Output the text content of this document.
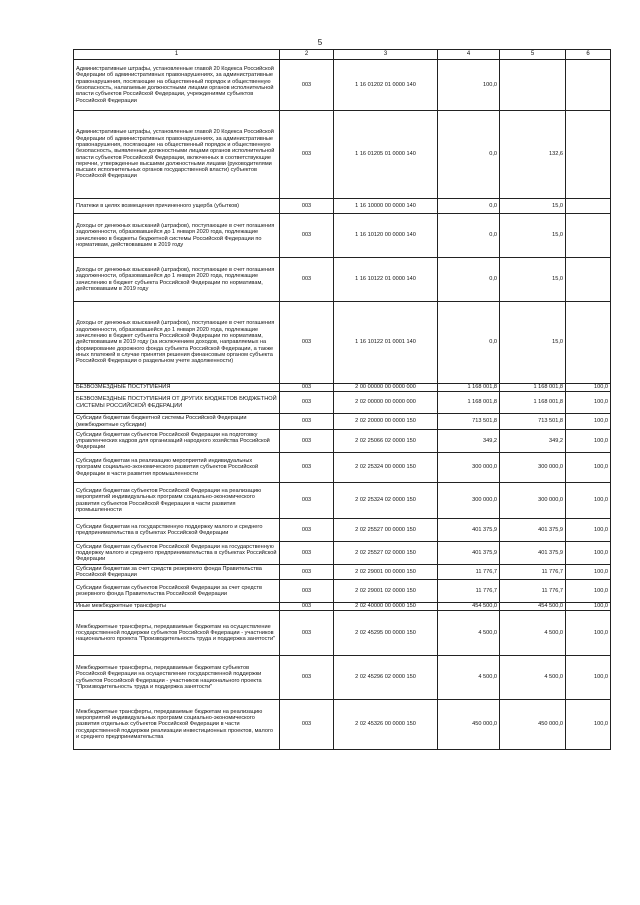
5
1	2	3	4	5	6
Административные штрафы, установленные главой 20 Кодекса Российской Федерации об административных правонарушениях, за административные правонарушения, посягающие на общественный порядок и общественную безопасность, налагаемые должностными лицами органов исполнительной власти субъектов Российской Федерации, учреждениями субъектов Российской Федерации	003	1 16 01202 01 0000 140	100,0		
Административные штрафы, установленные главой 20 Кодекса Российской Федерации об административных правонарушениях, за административные правонарушения, посягающие на общественный порядок и общественную безопасность, выявленные должностными лицами органов исполнительной власти субъектов Российской Федерации, включенных в соответствующие перечни, утвержденные высшими должностными лицами (руководителями высших исполнительных органов государственной власти) субъектов Российской Федерации	003	1 16 01205 01 0000 140	0,0	132,6	
Платежи в целях возмещения причиненного ущерба (убытков)	003	1 16 10000 00 0000 140	0,0	15,0	
Доходы от денежных взысканий (штрафов), поступающие в счет погашения задолженности, образовавшейся до 1 января 2020 года, подлежащие зачислению в бюджеты бюджетной системы Российской Федерации по нормативам, действовавшим в 2019 году	003	1 16 10120 00 0000 140	0,0	15,0	
Доходы от денежных взысканий (штрафов), поступающие в счет погашения задолженности, образовавшейся до 1 января 2020 года, подлежащие зачислению в бюджет субъекта Российской Федерации по нормативам, действовавшим в 2019 году	003	1 16 10122 01 0000 140	0,0	15,0	
Доходы от денежных взысканий (штрафов), поступающие в счет погашения задолженности, образовавшейся до 1 января 2020 года, подлежащие зачислению в бюджет субъекта Российской Федерации по нормативам, действовавшим в 2019 году (за исключением доходов, направляемых на формирование дорожного фонда субъекта Российской Федерации, а также иных платежей в случае принятия решения финансовым органом субъекта Российской Федерации о раздельном учете задолженности)	003	1 16 10122 01 0001 140	0,0	15,0	
БЕЗВОЗМЕЗДНЫЕ ПОСТУПЛЕНИЯ	003	2 00 00000 00 0000 000	1 168 001,8	1 168 001,8	100,0
БЕЗВОЗМЕЗДНЫЕ ПОСТУПЛЕНИЯ ОТ ДРУГИХ БЮДЖЕТОВ БЮДЖЕТНОЙ СИСТЕМЫ РОССИЙСКОЙ ФЕДЕРАЦИИ	003	2 02 00000 00 0000 000	1 168 001,8	1 168 001,8	100,0
Субсидии бюджетам бюджетной системы Российской Федерации (межбюджетные субсидии)	003	2 02 20000 00 0000 150	713 501,8	713 501,8	100,0
Субсидии бюджетам субъектов Российской Федерации на подготовку управленческих кадров для организаций народного хозяйства Российской Федерации	003	2 02 25066 02 0000 150	349,2	349,2	100,0
Субсидии бюджетам на реализацию мероприятий индивидуальных программ социально-экономического развития субъектов Российской Федерации в части развития промышленности	003	2 02 25324 00 0000 150	300 000,0	300 000,0	100,0
Субсидии бюджетам субъектов Российской Федерации на реализацию мероприятий индивидуальных программ социально-экономического развития субъектов Российской Федерации в части развития промышленности	003	2 02 25324 02 0000 150	300 000,0	300 000,0	100,0
Субсидии бюджетам на государственную поддержку малого и среднего предпринимательства в субъектах Российской Федерации	003	2 02 25527 00 0000 150	401 375,9	401 375,9	100,0
Субсидии бюджетам субъектов Российской Федерации на государственную поддержку малого и среднего предпринимательства в субъектах Российской Федерации	003	2 02 25527 02 0000 150	401 375,9	401 375,9	100,0
Субсидии бюджетам за счет средств резервного фонда Правительства Российской Федерации	003	2 02 29001 00 0000 150	11 776,7	11 776,7	100,0
Субсидии бюджетам субъектов Российской Федерации за счет средств резервного фонда Правительства Российской Федерации	003	2 02 29001 02 0000 150	11 776,7	11 776,7	100,0
Иные межбюджетные трансферты	003	2 02 40000 00 0000 150	454 500,0	454 500,0	100,0
Межбюджетные трансферты, передаваемые бюджетам на осуществление государственной поддержки субъектов Российской Федерации - участников национального проекта "Производительность труда и поддержка занятости"	003	2 02 45295 00 0000 150	4 500,0	4 500,0	100,0
Межбюджетные трансферты, передаваемые бюджетам субъектов Российской Федерации на осуществление государственной поддержки субъектов Российской Федерации - участников национального проекта "Производительность труда и поддержка занятости"	003	2 02 45296 02 0000 150	4 500,0	4 500,0	100,0
Межбюджетные трансферты, передаваемые бюджетам на реализацию мероприятий индивидуальных программ социально-экономического развития отдельных субъектов Российской Федерации в части государственной поддержки реализации инвестиционных проектов, малого и среднего предпринимательства	003	2 02 45326 00 0000 150	450 000,0	450 000,0	100,0
